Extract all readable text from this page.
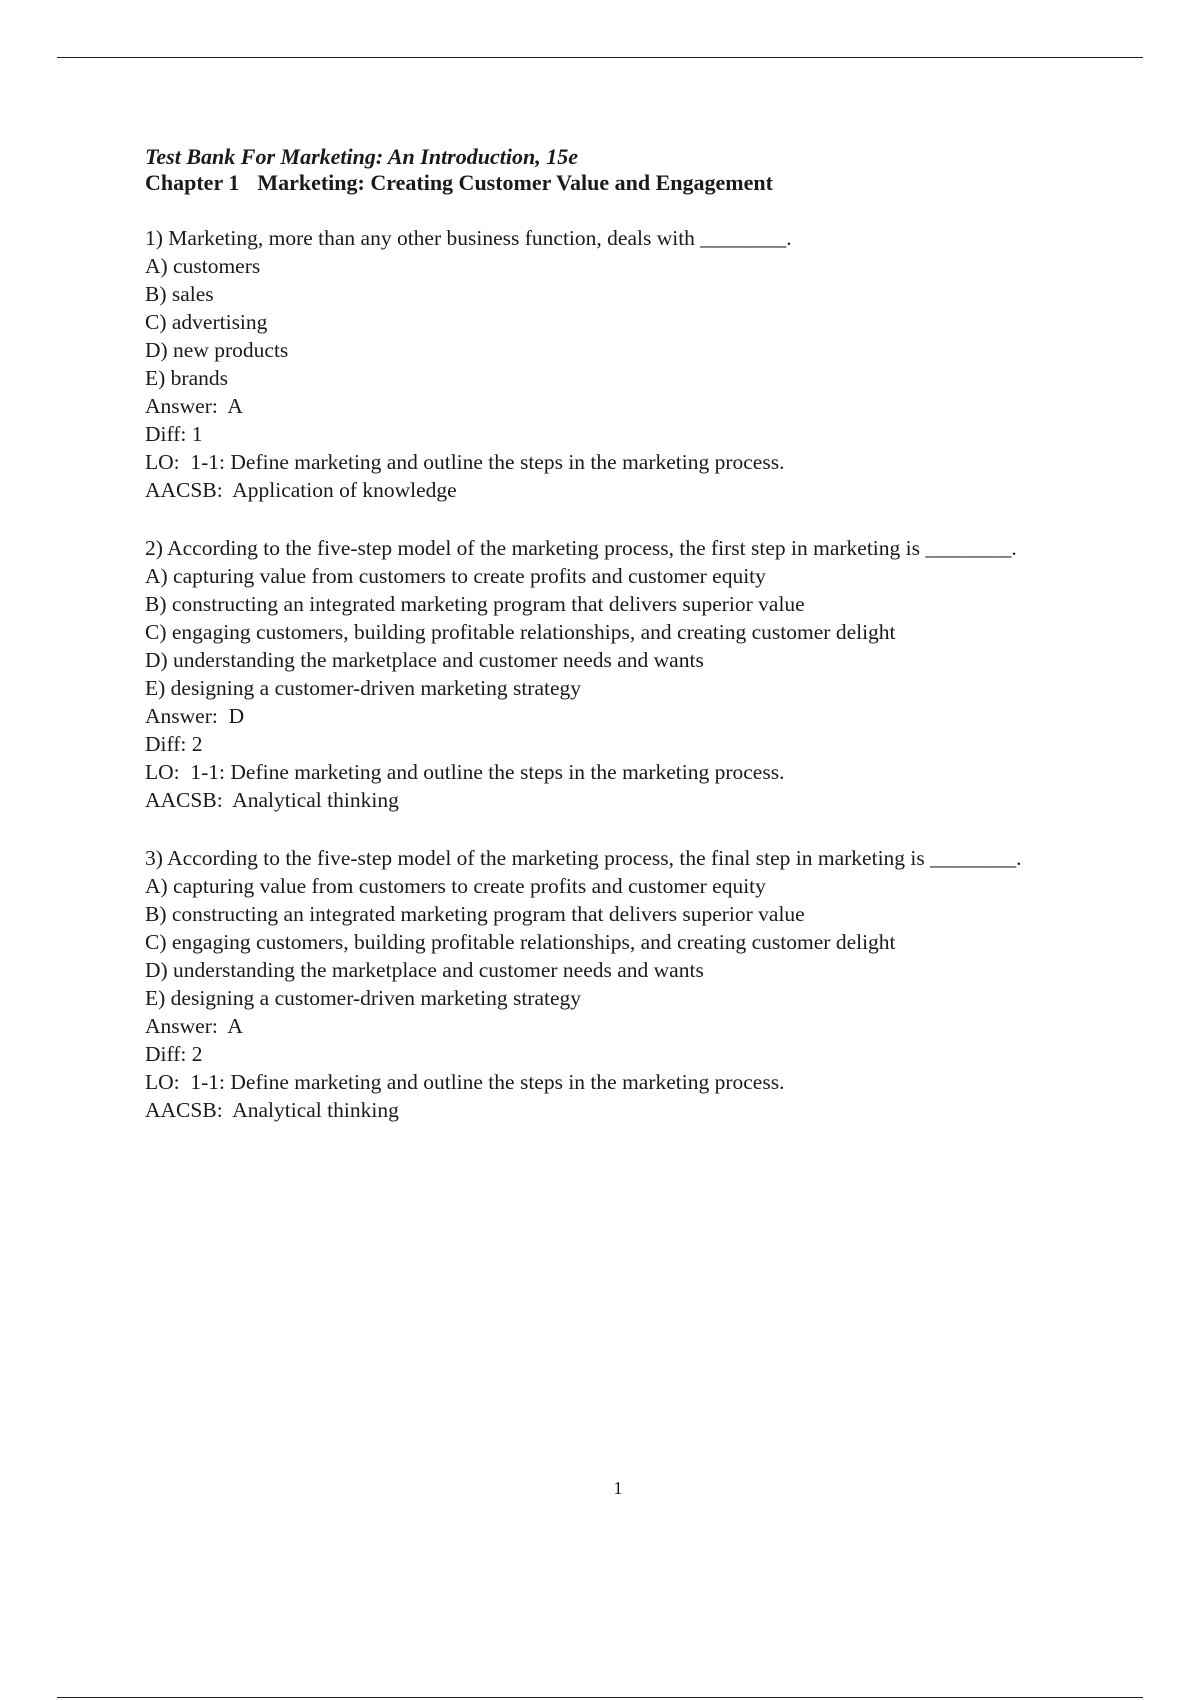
Test Bank For Marketing: An Introduction, 15e

Chapter 1 Marketing: Creating Customer Value and Engagement

1) Marketing, more than any other business function, deals with ________.

A) customers
B) sales
C) advertising
D) new products
E) brands

Answer:  A

Diff: 1

LO:  1-1: Define marketing and outline the steps in the marketing process.

AACSB:  Application of knowledge

2) According to the five-step model of the marketing process, the first step in marketing is ________.

A) capturing value from customers to create profits and customer equity
B) constructing an integrated marketing program that delivers superior value
C) engaging customers, building profitable relationships, and creating customer delight
D) understanding the marketplace and customer needs and wants
E) designing a customer-driven marketing strategy

Answer:  D

Diff: 2

LO:  1-1: Define marketing and outline the steps in the marketing process.

AACSB:  Analytical thinking

3) According to the five-step model of the marketing process, the final step in marketing is ________.

A) capturing value from customers to create profits and customer equity
B) constructing an integrated marketing program that delivers superior value
C) engaging customers, building profitable relationships, and creating customer delight
D) understanding the marketplace and customer needs and wants
E) designing a customer-driven marketing strategy

Answer:  A

Diff: 2

LO:  1-1: Define marketing and outline the steps in the marketing process.

AACSB:  Analytical thinking

1
